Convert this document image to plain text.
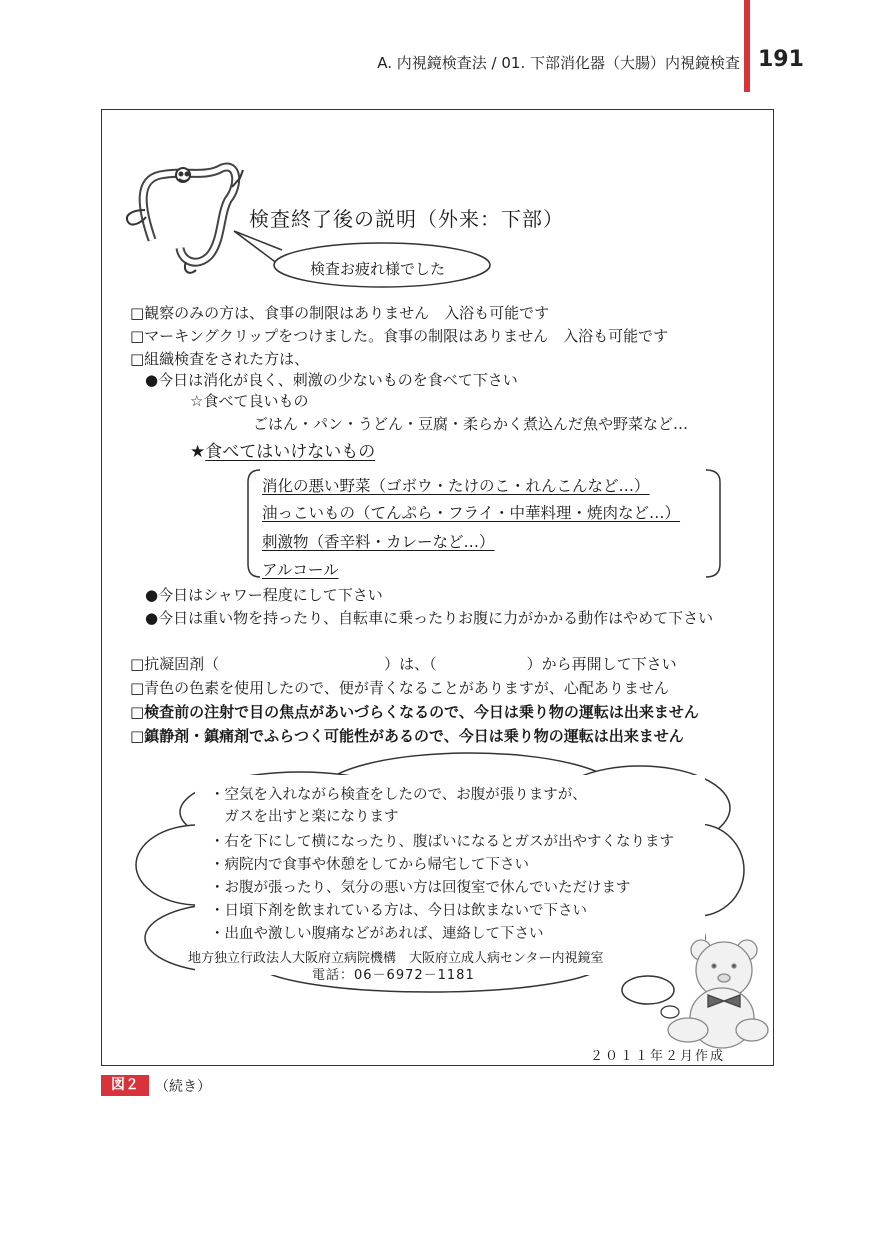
A. 内視鏡検査法 / 01. 下部消化器（大腸）内視鏡検査 191
検査終了後の説明（外来：下部）
検査お疲れ様でした
□観察のみの方は、食事の制限はありません　入浴も可能です
□マーキングクリップをつけました。食事の制限はありません　入浴も可能です
□組織検査をされた方は、
●今日は消化が良く、刺激の少ないものを食べて下さい
☆食べて良いもの
ごはん・パン・うどん・豆腐・柔らかく煮込んだ魚や野菜など…
★食べてはいけないもの
消化の悪い野菜（ゴボウ・たけのこ・れんこんなど…）
油っこいもの（てんぷら・フライ・中華料理・焼肉など…）
刺激物（香辛料・カレーなど…）
アルコール
●今日はシャワー程度にして下さい
●今日は重い物を持ったり、自転車に乗ったりお腹に力がかかる動作はやめて下さい
□抗凝固剤（　　　　　　　　　　　）は、（　　　　　　）から再開して下さい
□青色の色素を使用したので、便が青くなることがありますが、心配ありません
□検査前の注射で目の焦点があいづらくなるので、今日は乗り物の運転は出来ません
□鎮静剤・鎮痛剤でふらつく可能性があるので、今日は乗り物の運転は出来ません
・空気を入れながら検査をしたので、お腹が張りますが、
　ガスを出すと楽になります
・右を下にして横になったり、腹ばいになるとガスが出やすくなります
・病院内で食事や休憩をしてから帰宅して下さい
・お腹が張ったり、気分の悪い方は回復室で休んでいただけます
・日頃下剤を飲まれている方は、今日は飲まないで下さい
・出血や激しい腹痛などがあれば、連絡して下さい
地方独立行政法人大阪府立病院機構　大阪府立成人病センター内視鏡室
電話：06－6972－1181
２０１１年２月作成
図２	（続き）
